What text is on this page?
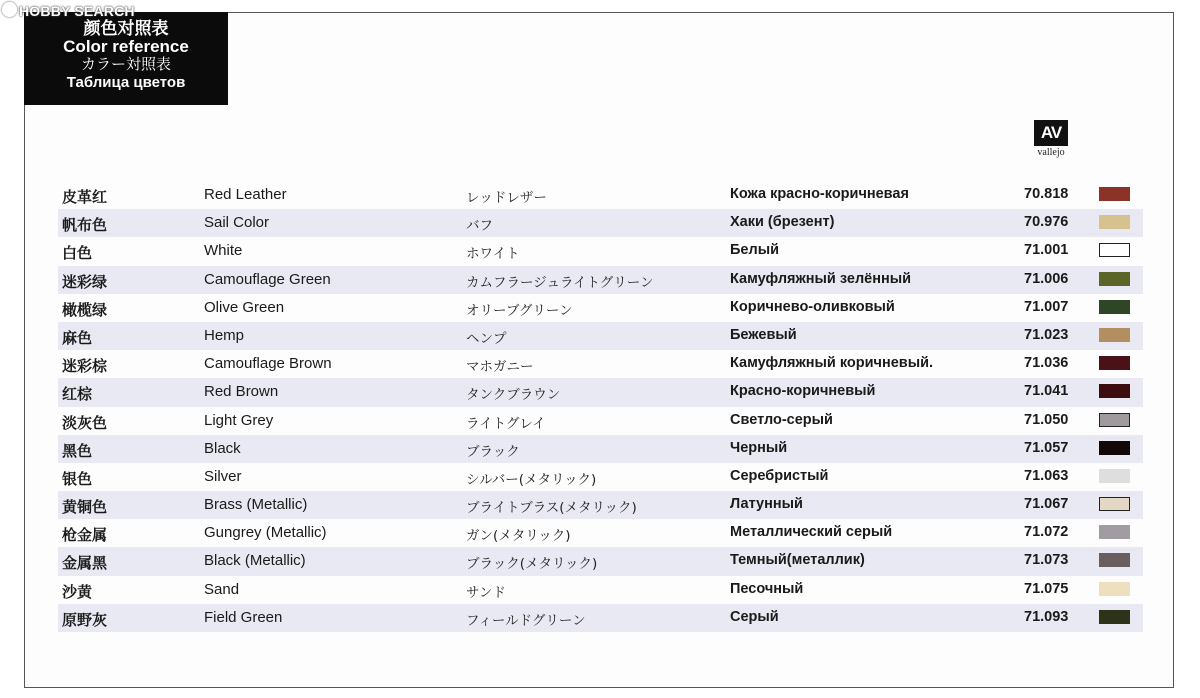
HOBBY SEARCH
颜色对照表
Color reference
カラー対照表
Таблица цветов
AV
vallejo
皮革红	Red Leather	レッドレザー	Кожа красно-коричневая	70.818
帆布色	Sail Color	バフ	Хаки (брезент)	70.976
白色	White	ホワイト	Белый	71.001
迷彩绿	Camouflage Green	カムフラージュライトグリーン	Камуфляжный зелённый	71.006
橄榄绿	Olive Green	オリーブグリーン	Коричнево-оливковый	71.007
麻色	Hemp	ヘンプ	Бежевый	71.023
迷彩棕	Camouflage Brown	マホガニー	Камуфляжный коричневый.	71.036
红棕	Red Brown	タンクブラウン	Красно-коричневый	71.041
淡灰色	Light Grey	ライトグレイ	Светло-серый	71.050
黑色	Black	ブラック	Черный	71.057
银色	Silver	シルバー(メタリック)	Серебристый	71.063
黄铜色	Brass (Metallic)	ブライトブラス(メタリック)	Латунный	71.067
枪金属	Gungrey (Metallic)	ガン(メタリック)	Металлический серый	71.072
金属黑	Black (Metallic)	ブラック(メタリック)	Темный(металлик)	71.073
沙黄	Sand	サンド	Песочный	71.075
原野灰	Field Green	フィールドグリーン	Серый	71.093
